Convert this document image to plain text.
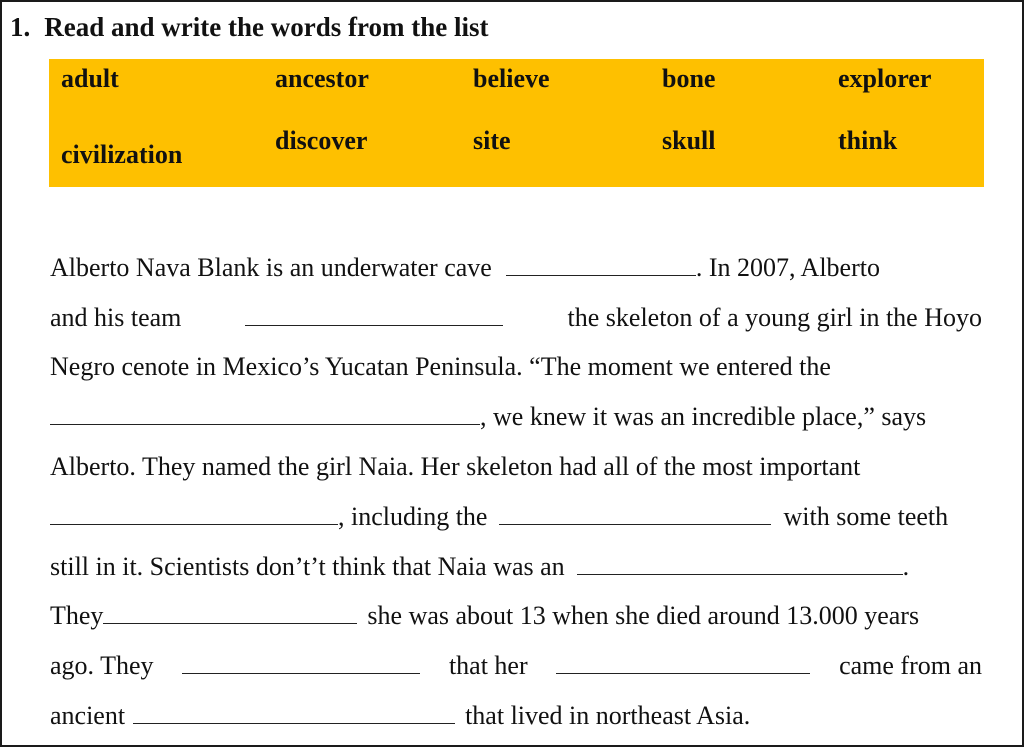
1. Read and write the words from the list
adult	ancestor	believe	bone	explorer
civilization	discover	site	skull	think
Alberto Nava Blank is an underwater cave	. In 2007, Alberto
and his team	the skeleton of a young girl in the Hoyo
Negro cenote in Mexico’s Yucatan Peninsula. “The moment we entered the
, we knew it was an incredible place,” says
Alberto. They named the girl Naia. Her skeleton had all of the most important
, including the	with some teeth
still in it. Scientists don’t’t think that Naia was an	.
They	she was about 13 when she died around 13.000 years
ago. They	that her	came from an
ancient	that lived in northeast Asia.
